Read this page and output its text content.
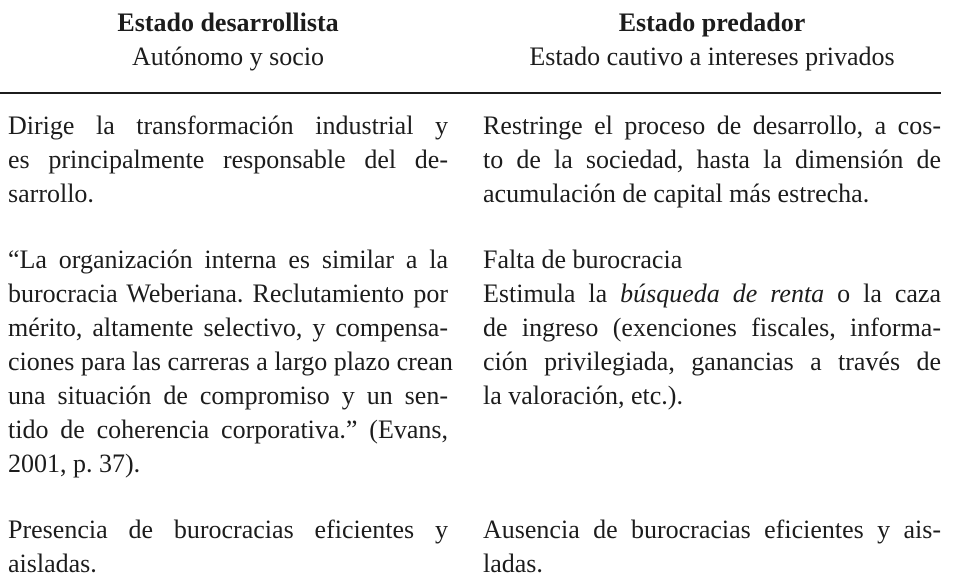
Estado desarrollista
Autónomo y socio
Estado predador
Estado cautivo a intereses privados
Dirige la transformación industrial y
es principalmente responsable del de-
sarrollo.
Restringe el proceso de desarrollo, a cos-
to de la sociedad, hasta la dimensión de
acumulación de capital más estrecha.
“La organización interna es similar a la
burocracia Weberiana. Reclutamiento por
mérito, altamente selectivo, y compensa-
ciones para las carreras a largo plazo crean
una situación de compromiso y un sen-
tido de coherencia corporativa.” (Evans,
2001, p. 37).
Falta de burocracia
Estimula la búsqueda de renta o la caza
de ingreso (exenciones fiscales, informa-
ción privilegiada, ganancias a través de
la valoración, etc.).
Presencia de burocracias eficientes y
aisladas.
Ausencia de burocracias eficientes y ais-
ladas.
